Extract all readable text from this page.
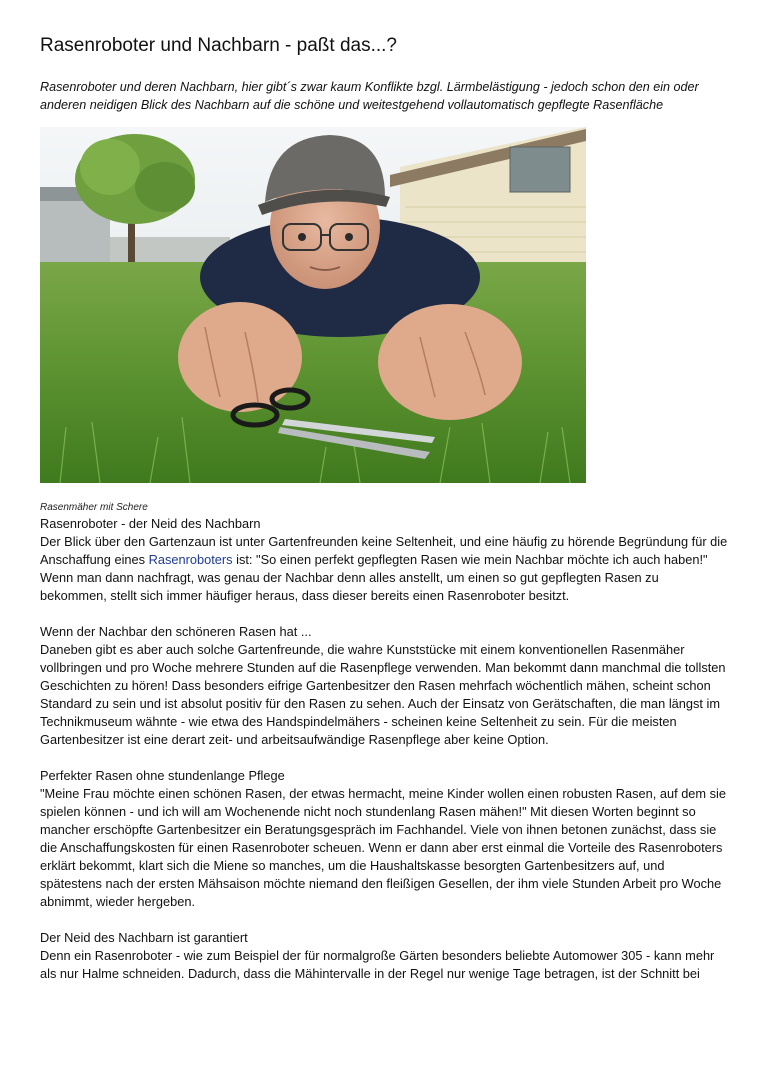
Rasenroboter und Nachbarn - paßt das...?

Rasenroboter und deren Nachbarn, hier gibt´s zwar kaum Konflikte bzgl. Lärmbelästigung - jedoch schon den ein oder anderen neidigen Blick des Nachbarn auf die schöne und weitestgehend vollautomatisch gepflegte Rasenfläche

Rasenmäher mit Schere

Rasenroboter - der Neid des Nachbarn
Der Blick über den Gartenzaun ist unter Gartenfreunden keine Seltenheit, und eine häufig zu hörende Begründung für die Anschaffung eines Rasenroboters ist: "So einen perfekt gepflegten Rasen wie mein Nachbar möchte ich auch haben!" Wenn man dann nachfragt, was genau der Nachbar denn alles anstellt, um einen so gut gepflegten Rasen zu bekommen, stellt sich immer häufiger heraus, dass dieser bereits einen Rasenroboter besitzt.

Wenn der Nachbar den schöneren Rasen hat ...
Daneben gibt es aber auch solche Gartenfreunde, die wahre Kunststücke mit einem konventionellen Rasenmäher vollbringen und pro Woche mehrere Stunden auf die Rasenpflege verwenden. Man bekommt dann manchmal die tollsten Geschichten zu hören! Dass besonders eifrige Gartenbesitzer den Rasen mehrfach wöchentlich mähen, scheint schon Standard zu sein und ist absolut positiv für den Rasen zu sehen. Auch der Einsatz von Gerätschaften, die man längst im Technikmuseum wähnte - wie etwa des Handspindelmähers - scheinen keine Seltenheit zu sein. Für die meisten Gartenbesitzer ist eine derart zeit- und arbeitsaufwändige Rasenpflege aber keine Option.

Perfekter Rasen ohne stundenlange Pflege
"Meine Frau möchte einen schönen Rasen, der etwas hermacht, meine Kinder wollen einen robusten Rasen, auf dem sie spielen können - und ich will am Wochenende nicht noch stundenlang Rasen mähen!" Mit diesen Worten beginnt so mancher erschöpfte Gartenbesitzer ein Beratungsgespräch im Fachhandel. Viele von ihnen betonen zunächst, dass sie die Anschaffungskosten für einen Rasenroboter scheuen. Wenn er dann aber erst einmal die Vorteile des Rasenroboters erklärt bekommt, klart sich die Miene so manches, um die Haushaltskasse besorgten Gartenbesitzers auf, und spätestens nach der ersten Mähsaison möchte niemand den fleißigen Gesellen, der ihm viele Stunden Arbeit pro Woche abnimmt, wieder hergeben.

Der Neid des Nachbarn ist garantiert
Denn ein Rasenroboter - wie zum Beispiel der für normalgroße Gärten besonders beliebte Automower 305 - kann mehr als nur Halme schneiden. Dadurch, dass die Mähintervalle in der Regel nur wenige Tage betragen, ist der Schnitt bei
